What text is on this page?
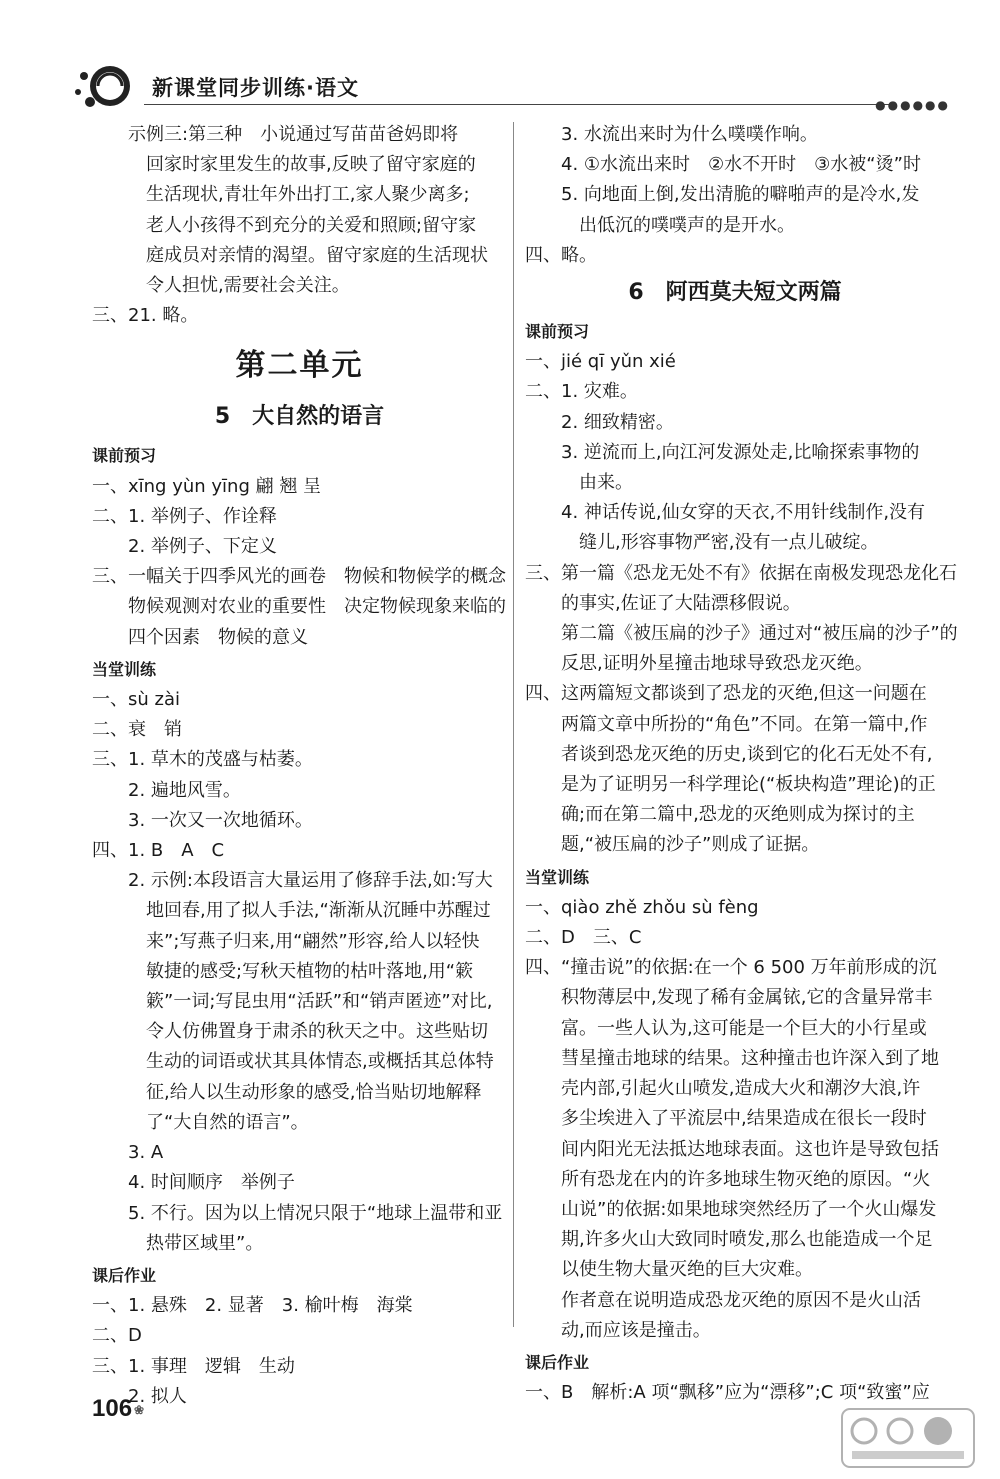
新课堂同步训练·语文
●●●●●●
示例三:第三种　小说通过写苗苗爸妈即将
回家时家里发生的故事,反映了留守家庭的
生活现状,青壮年外出打工,家人聚少离多;
老人小孩得不到充分的关爱和照顾;留守家
庭成员对亲情的渴望。留守家庭的生活现状
令人担忧,需要社会关注。
三、21. 略。
第二单元
5　大自然的语言
课前预习
一、xīng yùn yīng 翩 翘 呈
二、1. 举例子、作诠释
2. 举例子、下定义
三、一幅关于四季风光的画卷　物候和物候学的概念
物候观测对农业的重要性　决定物候现象来临的
四个因素　物候的意义
当堂训练
一、sù zài
二、衰　销
三、1. 草木的茂盛与枯萎。
2. 遍地风雪。
3. 一次又一次地循环。
四、1. B　A　C
2. 示例:本段语言大量运用了修辞手法,如:写大
地回春,用了拟人手法,“渐渐从沉睡中苏醒过
来”;写燕子归来,用“翩然”形容,给人以轻快
敏捷的感受;写秋天植物的枯叶落地,用“簌
簌”一词;写昆虫用“活跃”和“销声匿迹”对比,
令人仿佛置身于肃杀的秋天之中。这些贴切
生动的词语或状其具体情态,或概括其总体特
征,给人以生动形象的感受,恰当贴切地解释
了“大自然的语言”。
3. A
4. 时间顺序　举例子
5. 不行。因为以上情况只限于“地球上温带和亚
热带区域里”。
课后作业
一、1. 悬殊　2. 显著　3. 榆叶梅　海棠
二、D
三、1. 事理　逻辑　生动
2. 拟人
3. 水流出来时为什么噗噗作响。
4. ①水流出来时　②水不开时　③水被“烫”时
5. 向地面上倒,发出清脆的噼啪声的是冷水,发
出低沉的噗噗声的是开水。
四、略。
6　阿西莫夫短文两篇
课前预习
一、jié qī yǔn xié
二、1. 灾难。
2. 细致精密。
3. 逆流而上,向江河发源处走,比喻探索事物的
由来。
4. 神话传说,仙女穿的天衣,不用针线制作,没有
缝儿,形容事物严密,没有一点儿破绽。
三、第一篇《恐龙无处不有》依据在南极发现恐龙化石
的事实,佐证了大陆漂移假说。
第二篇《被压扁的沙子》通过对“被压扁的沙子”的
反思,证明外星撞击地球导致恐龙灭绝。
四、这两篇短文都谈到了恐龙的灭绝,但这一问题在
两篇文章中所扮的“角色”不同。在第一篇中,作
者谈到恐龙灭绝的历史,谈到它的化石无处不有,
是为了证明另一科学理论(“板块构造”理论)的正
确;而在第二篇中,恐龙的灭绝则成为探讨的主
题,“被压扁的沙子”则成了证据。
当堂训练
一、qiào zhě zhǒu sù fèng
二、D　三、C
四、“撞击说”的依据:在一个 6 500 万年前形成的沉
积物薄层中,发现了稀有金属铱,它的含量异常丰
富。一些人认为,这可能是一个巨大的小行星或
彗星撞击地球的结果。这种撞击也许深入到了地
壳内部,引起火山喷发,造成大火和潮汐大浪,许
多尘埃进入了平流层中,结果造成在很长一段时
间内阳光无法抵达地球表面。这也许是导致包括
所有恐龙在内的许多地球生物灭绝的原因。“火
山说”的依据:如果地球突然经历了一个火山爆发
期,许多火山大致同时喷发,那么也能造成一个足
以使生物大量灭绝的巨大灾难。
作者意在说明造成恐龙灭绝的原因不是火山活
动,而应该是撞击。
课后作业
一、B　解析:A 项“飘移”应为“漂移”;C 项“致蜜”应
106 ❀
